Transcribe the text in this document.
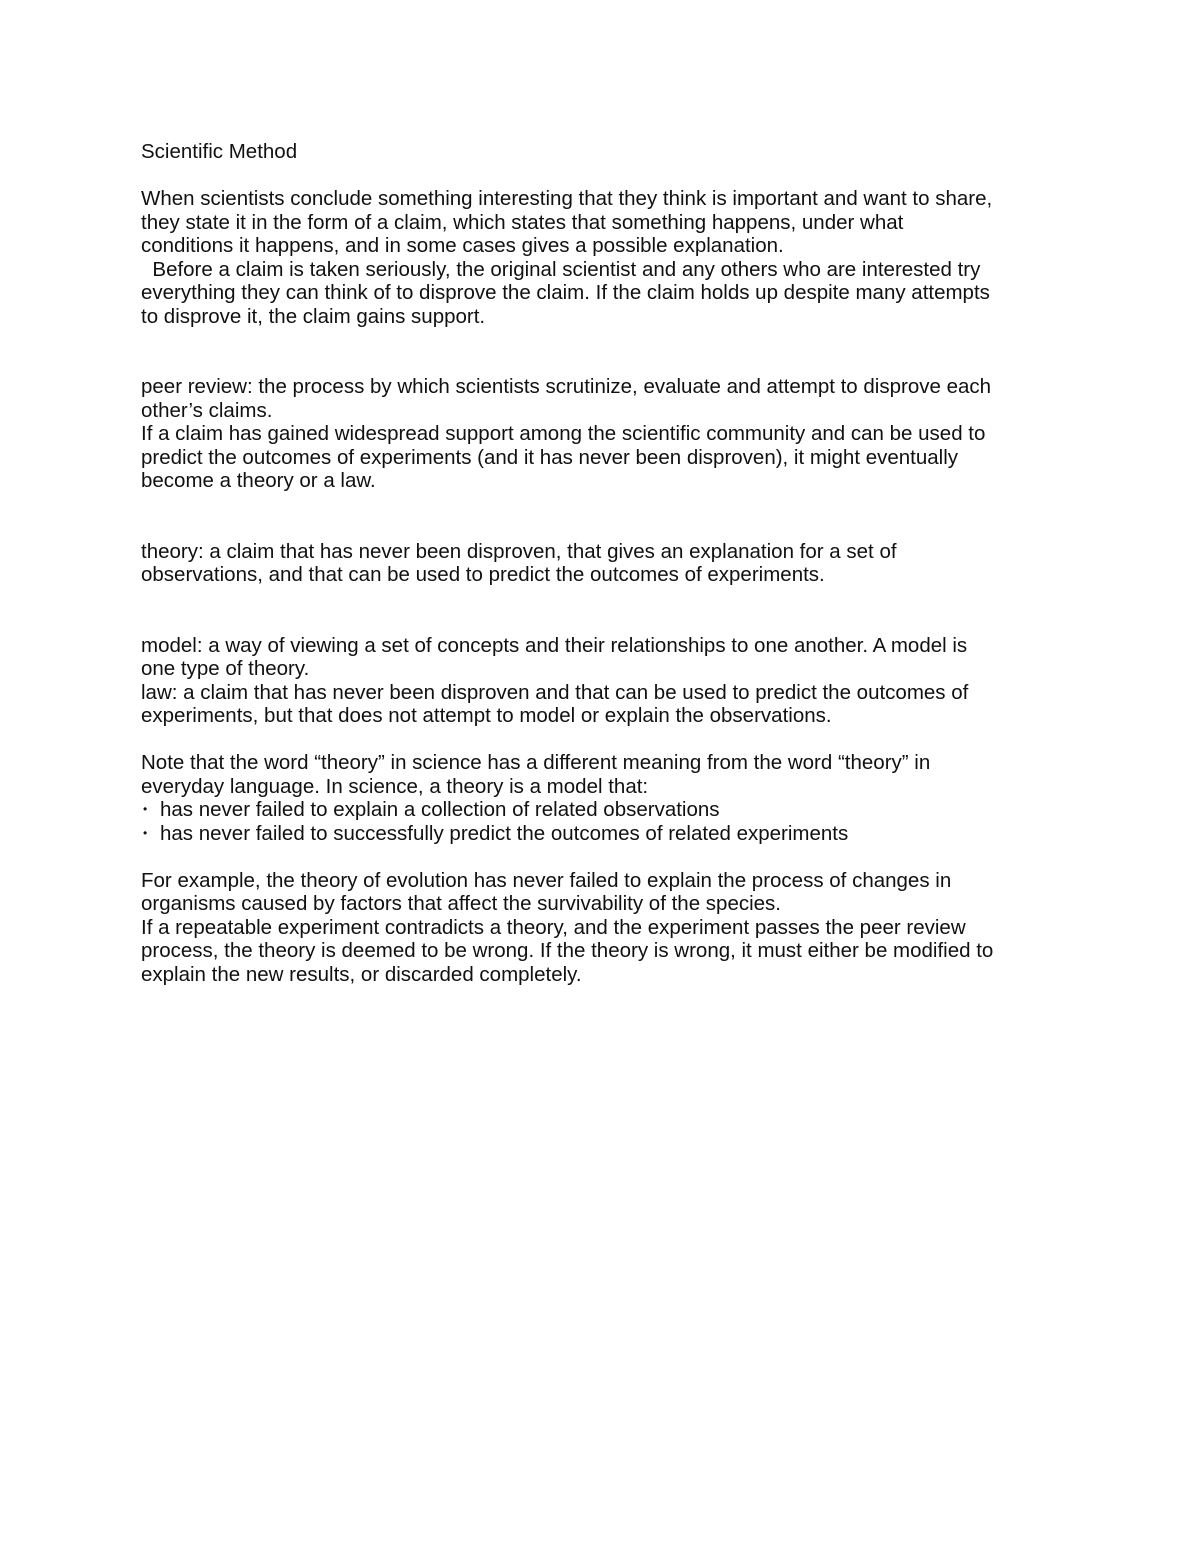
Scientific Method
When scientists conclude something interesting that they think is important and want to share,
they state it in the form of a claim, which states that something happens, under what
conditions it happens, and in some cases gives a possible explanation.
Before a claim is taken seriously, the original scientist and any others who are interested try
everything they can think of to disprove the claim. If the claim holds up despite many attempts
to disprove it, the claim gains support.
peer review: the process by which scientists scrutinize, evaluate and attempt to disprove each
other’s claims.
If a claim has gained widespread support among the scientific community and can be used to
predict the outcomes of experiments (and it has never been disproven), it might eventually
become a theory or a law.
theory: a claim that has never been disproven, that gives an explanation for a set of
observations, and that can be used to predict the outcomes of experiments.
model: a way of viewing a set of concepts and their relationships to one another. A model is
one type of theory.
law: a claim that has never been disproven and that can be used to predict the outcomes of
experiments, but that does not attempt to model or explain the observations.
Note that the word “theory” in science has a different meaning from the word “theory” in
everyday language. In science, a theory is a model that:
• has never failed to explain a collection of related observations
• has never failed to successfully predict the outcomes of related experiments
For example, the theory of evolution has never failed to explain the process of changes in
organisms caused by factors that affect the survivability of the species.
If a repeatable experiment contradicts a theory, and the experiment passes the peer review
process, the theory is deemed to be wrong. If the theory is wrong, it must either be modified to
explain the new results, or discarded completely.
